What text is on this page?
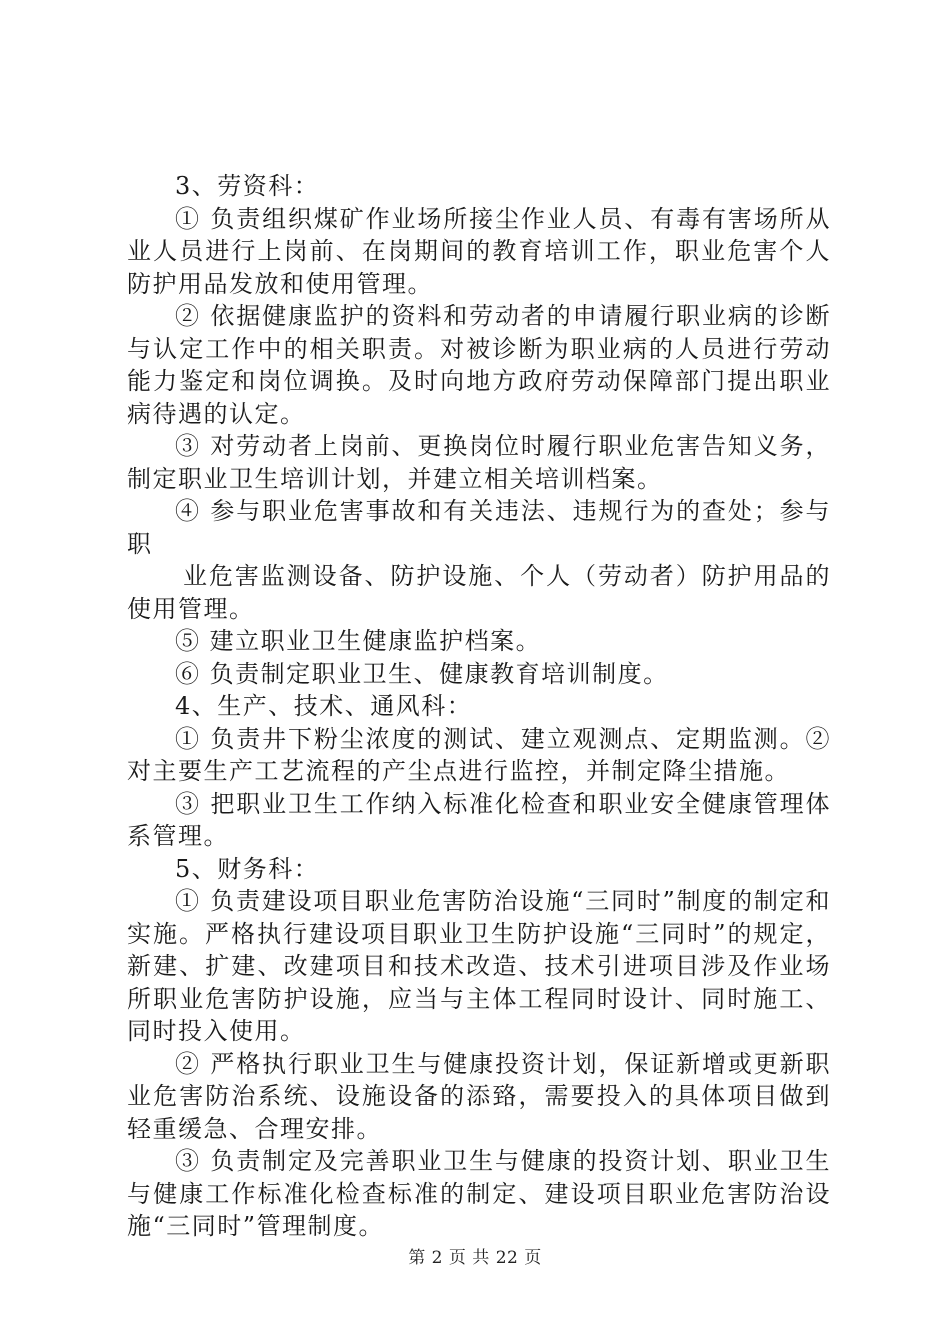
3、劳资科：

① 负责组织煤矿作业场所接尘作业人员、有毒有害场所从业人员进行上岗前、在岗期间的教育培训工作，职业危害个人防护用品发放和使用管理。

② 依据健康监护的资料和劳动者的申请履行职业病的诊断与认定工作中的相关职责。对被诊断为职业病的人员进行劳动能力鉴定和岗位调换。及时向地方政府劳动保障部门提出职业病待遇的认定。

③ 对劳动者上岗前、更换岗位时履行职业危害告知义务，制定职业卫生培训计划，并建立相关培训档案。

④ 参与职业危害事故和有关违法、违规行为的查处；参与职

业危害监测设备、防护设施、个人（劳动者）防护用品的使用管理。

⑤ 建立职业卫生健康监护档案。

⑥ 负责制定职业卫生、健康教育培训制度。

4、生产、技术、通风科：

① 负责井下粉尘浓度的测试、建立观测点、定期监测。② 对主要生产工艺流程的产尘点进行监控，并制定降尘措施。

③ 把职业卫生工作纳入标准化检查和职业安全健康管理体系管理。

5、财务科：

① 负责建设项目职业危害防治设施“三同时”制度的制定和实施。严格执行建设项目职业卫生防护设施“三同时”的规定，新建、扩建、改建项目和技术改造、技术引进项目涉及作业场所职业危害防护设施，应当与主体工程同时设计、同时施工、同时投入使用。

② 严格执行职业卫生与健康投资计划，保证新增或更新职业危害防治系统、设施设备的添臵，需要投入的具体项目做到轻重缓急、合理安排。

③ 负责制定及完善职业卫生与健康的投资计划、职业卫生与健康工作标准化检查标准的制定、建设项目职业危害防治设施“三同时”管理制度。

第 2 页 共 22 页
